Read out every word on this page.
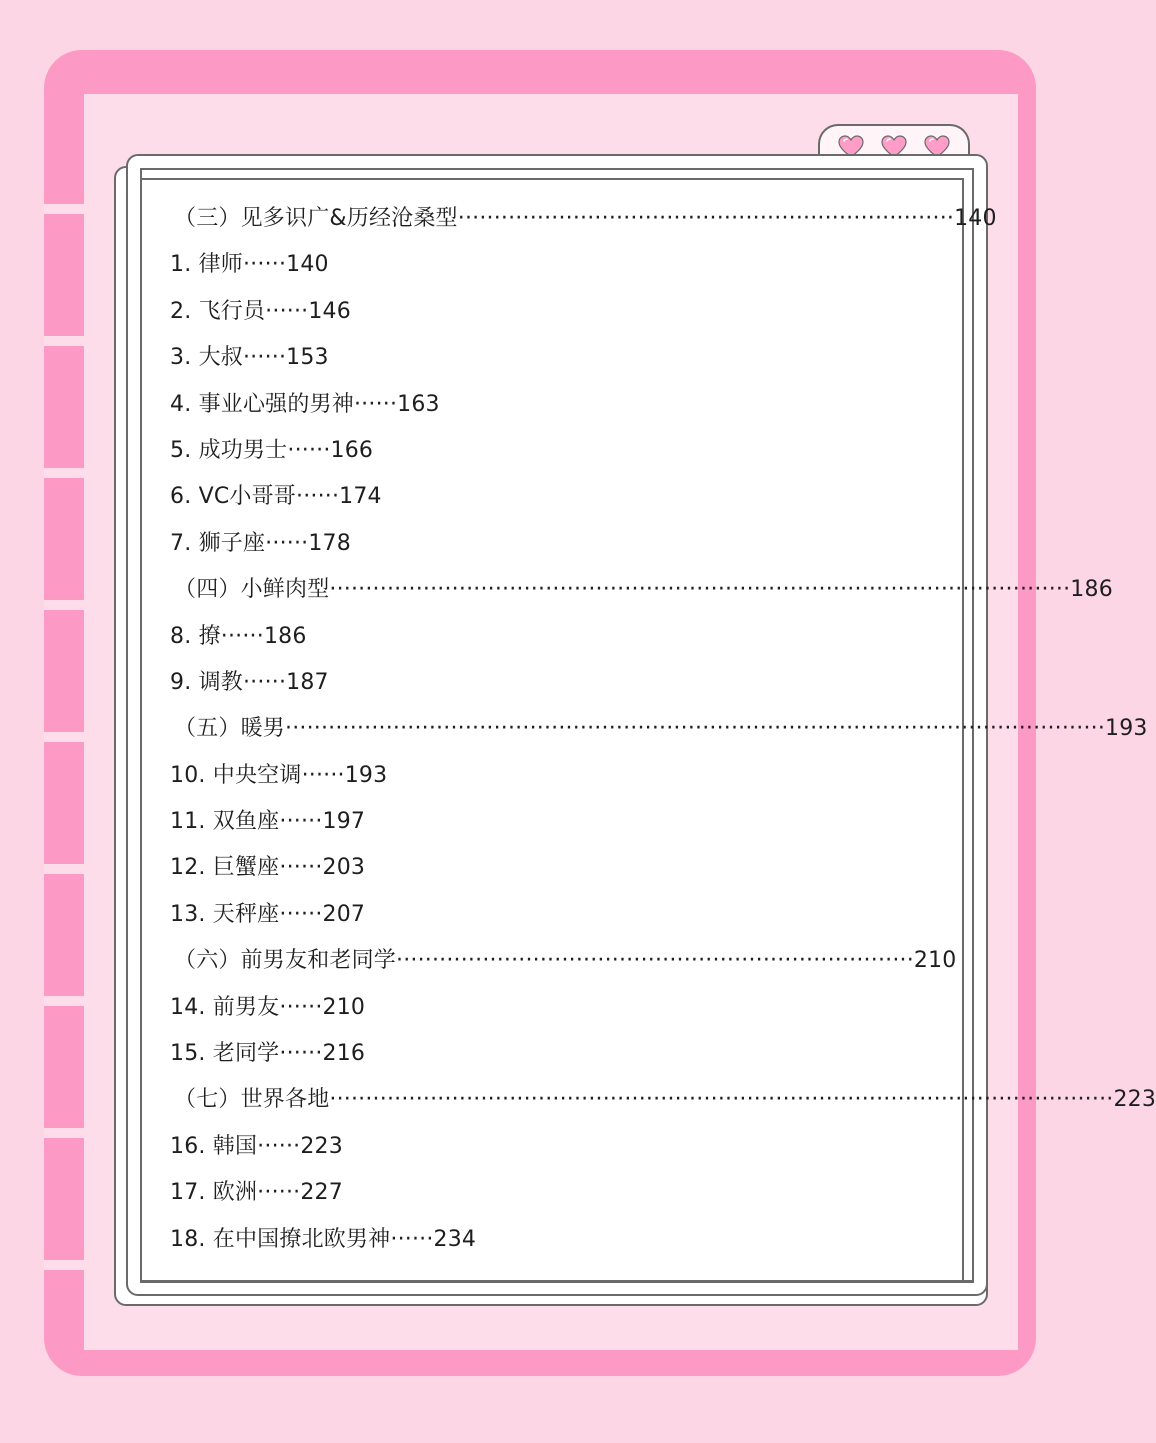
（三）见多识广&历经沧桑型·····································································140
1. 律师······140
2. 飞行员······146
3. 大叔······153
4. 事业心强的男神······163
5. 成功男士······166
6. VC小哥哥······174
7. 狮子座······178
（四）小鲜肉型·······································································································186
8. 撩······186
9. 调教······187
（五）暖男··················································································································193
10. 中央空调······193
11. 双鱼座······197
12. 巨蟹座······203
13. 天秤座······207
（六）前男友和老同学········································································210
14. 前男友······210
15. 老同学······216
（七）世界各地·············································································································223
16. 韩国······223
17. 欧洲······227
18. 在中国撩北欧男神······234
